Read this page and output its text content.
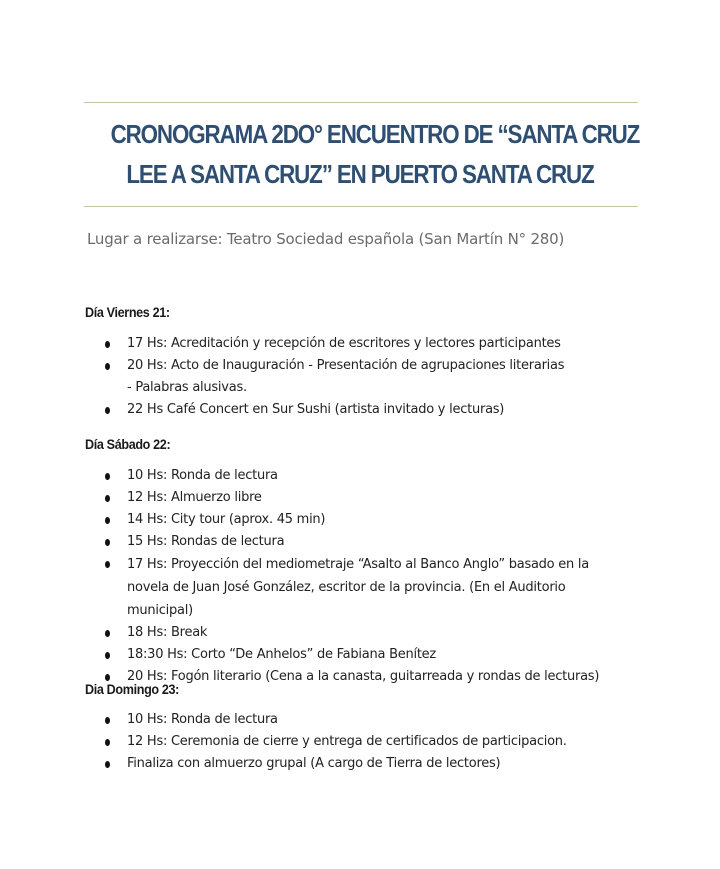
CRONOGRAMA 2DO° ENCUENTRO DE “SANTA CRUZ
LEE A SANTA CRUZ” EN PUERTO SANTA CRUZ
Lugar a realizarse: Teatro Sociedad española (San Martín N° 280)
Día Viernes 21:
17 Hs: Acreditación y recepción de escritores y lectores participantes
20 Hs: Acto de Inauguración - Presentación de agrupaciones literarias - Palabras alusivas.
22 Hs Café Concert en Sur Sushi (artista invitado y lecturas)
Día Sábado 22:
10 Hs: Ronda de lectura
12 Hs: Almuerzo libre
14 Hs: City tour (aprox. 45 min)
15 Hs: Rondas de lectura
17 Hs: Proyección del mediometraje “Asalto al Banco Anglo” basado en la novela de Juan José González, escritor de la provincia. (En el Auditorio municipal)
18 Hs: Break
18:30 Hs: Corto “De Anhelos” de Fabiana Benítez
20 Hs: Fogón literario (Cena a la canasta, guitarreada y rondas de lecturas)
Dia Domingo 23:
10 Hs: Ronda de lectura
12 Hs: Ceremonia de cierre y entrega de certificados de participacion.
Finaliza con almuerzo grupal (A cargo de Tierra de lectores)
